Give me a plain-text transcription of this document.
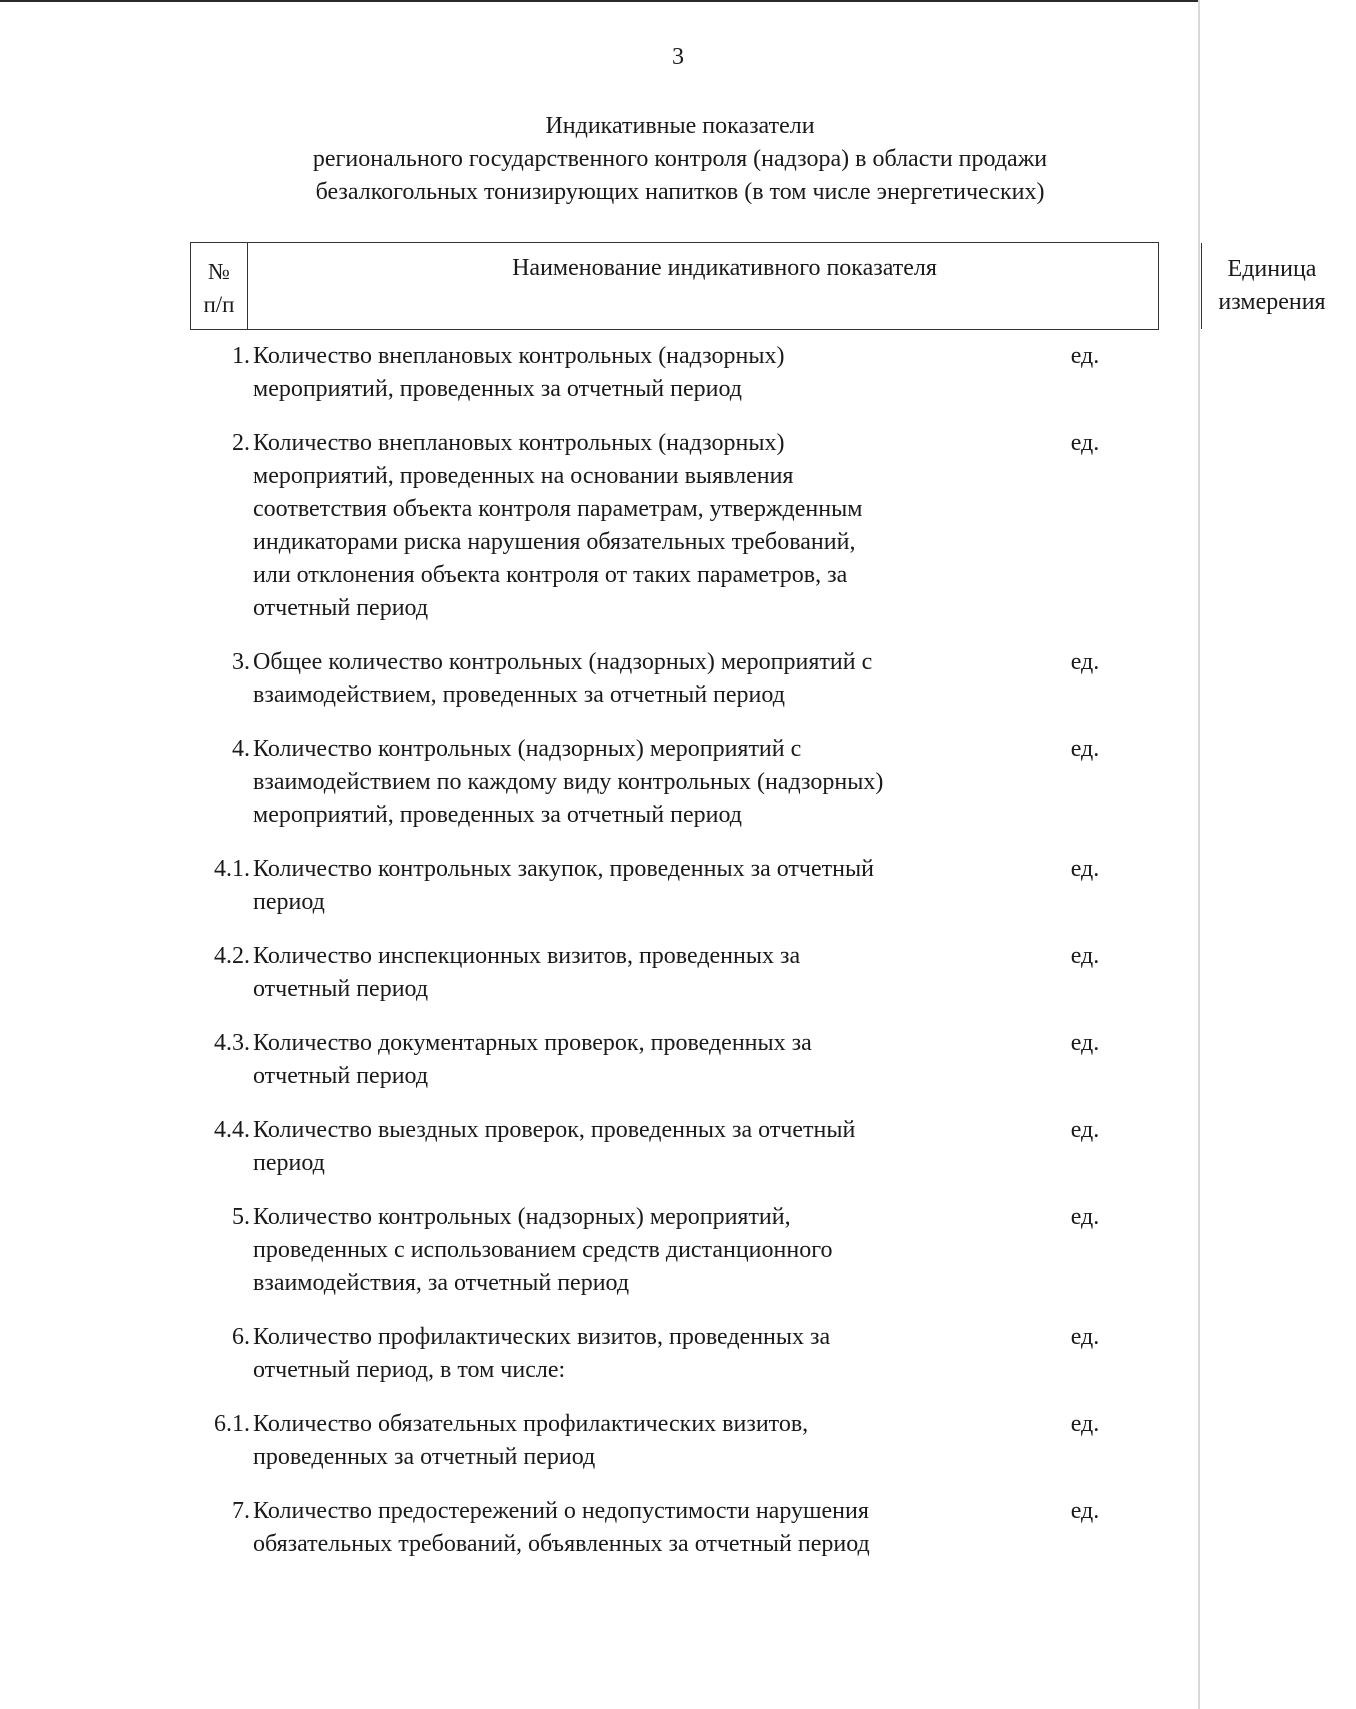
3
Индикативные показатели
регионального государственного контроля (надзора) в области продажи
безалкогольных тонизирующих напитков (в том числе энергетических)
№
п/п
Наименование индикативного показателя	Единица
измерения
1. Количество внеплановых контрольных (надзорных)
мероприятий, проведенных за отчетный период
ед.
2. Количество внеплановых контрольных (надзорных)
мероприятий, проведенных на основании выявления
соответствия объекта контроля параметрам, утвержденным
индикаторами риска нарушения обязательных требований,
или отклонения объекта контроля от таких параметров, за
отчетный период
ед.
3. Общее количество контрольных (надзорных) мероприятий с
взаимодействием, проведенных за отчетный период
ед.
4. Количество контрольных (надзорных) мероприятий с
взаимодействием по каждому виду контрольных (надзорных)
мероприятий, проведенных за отчетный период
ед.
4.1. Количество контрольных закупок, проведенных за отчетный
период
ед.
4.2. Количество инспекционных визитов, проведенных за
отчетный период
ед.
4.3. Количество документарных проверок, проведенных за
отчетный период
ед.
4.4. Количество выездных проверок, проведенных за отчетный
период
ед.
5. Количество контрольных (надзорных) мероприятий,
проведенных с использованием средств дистанционного
взаимодействия, за отчетный период
ед.
6. Количество профилактических визитов, проведенных за
отчетный период, в том числе:
ед.
6.1. Количество обязательных профилактических визитов,
проведенных за отчетный период
ед.
7. Количество предостережений о недопустимости нарушения
обязательных требований, объявленных за отчетный период
ед.
